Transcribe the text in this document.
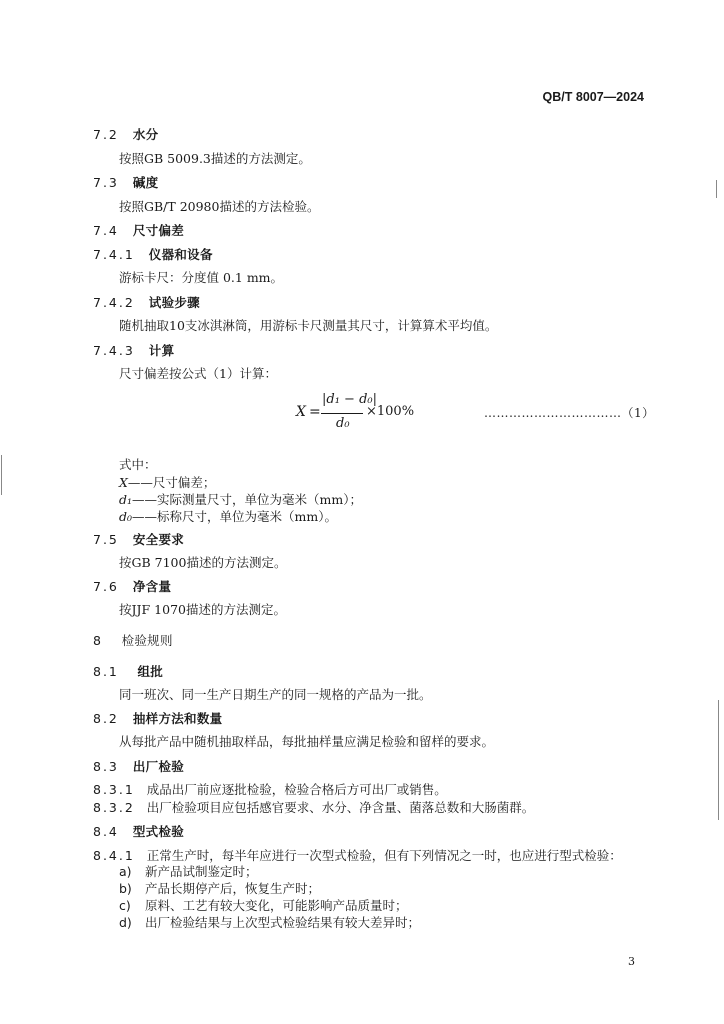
QB/T 8007—2024
7.2 水分
按照GB 5009.3描述的方法测定。
7.3 碱度
按照GB/T 20980描述的方法检验。
7.4 尺寸偏差
7.4.1 仪器和设备
游标卡尺：分度值 0.1 mm。
7.4.2 试验步骤
随机抽取10支冰淇淋筒，用游标卡尺测量其尺寸，计算算术平均值。
7.4.3 计算
尺寸偏差按公式（1）计算：
X =
|d₁ − d₀|
d₀
×100%	……………………………（1）
式中：
X——尺寸偏差；
d₁——实际测量尺寸，单位为毫米（mm）；
d₀——标称尺寸，单位为毫米（mm）。
7.5 安全要求
按GB 7100描述的方法测定。
7.6 净含量
按JJF 1070描述的方法测定。
8 检验规则
8.1 组批
同一班次、同一生产日期生产的同一规格的产品为一批。
8.2 抽样方法和数量
从每批产品中随机抽取样品，每批抽样量应满足检验和留样的要求。
8.3 出厂检验
8.3.1 成品出厂前应逐批检验，检验合格后方可出厂或销售。
8.3.2 出厂检验项目应包括感官要求、水分、净含量、菌落总数和大肠菌群。
8.4 型式检验
8.4.1 正常生产时，每半年应进行一次型式检验，但有下列情况之一时，也应进行型式检验：
a) 新产品试制鉴定时；
b) 产品长期停产后，恢复生产时；
c) 原料、工艺有较大变化，可能影响产品质量时；
d) 出厂检验结果与上次型式检验结果有较大差异时；
3
